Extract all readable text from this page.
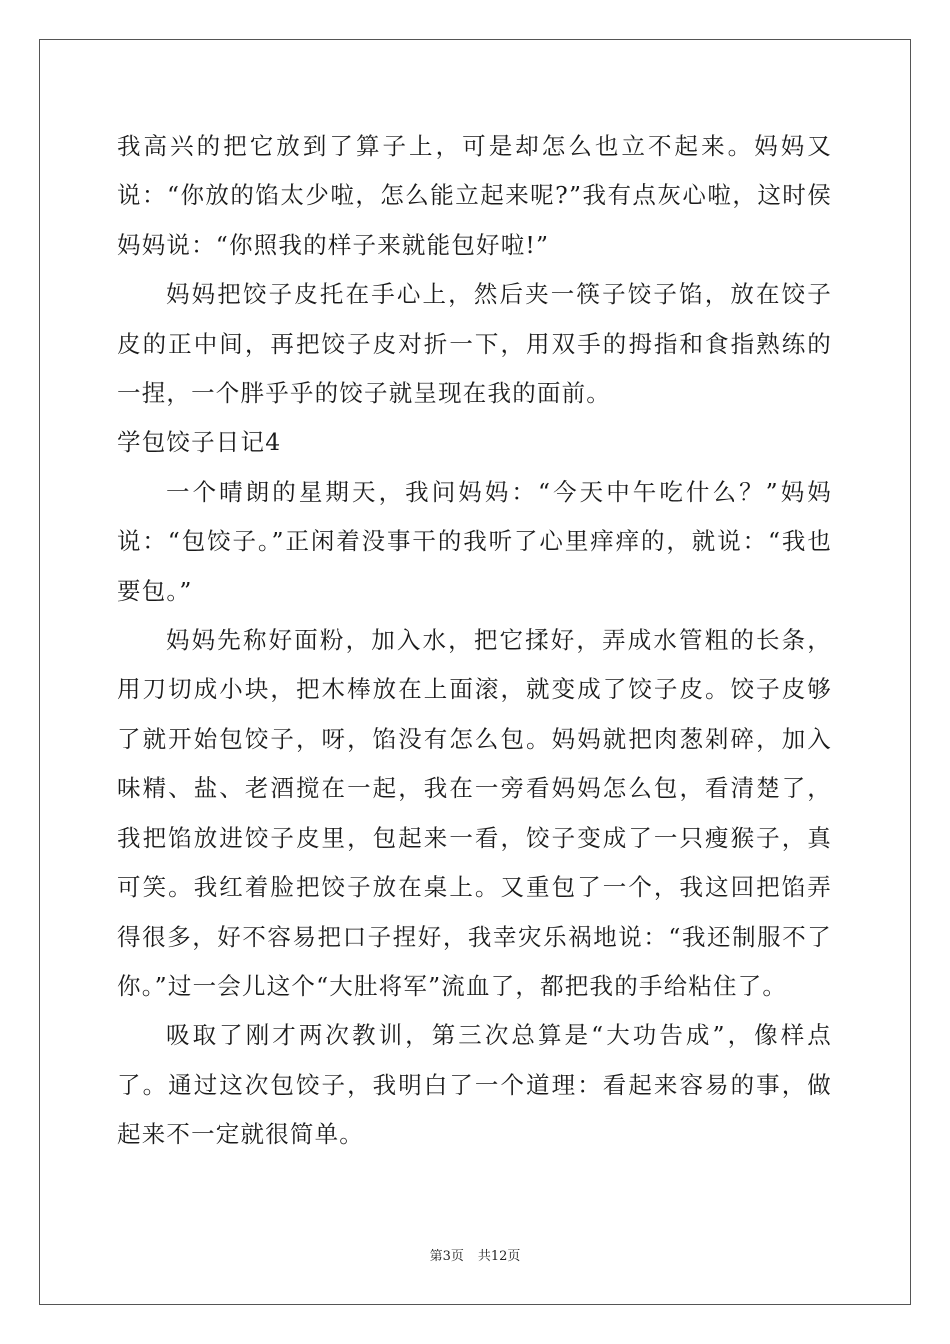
我高兴的把它放到了算子上，可是却怎么也立不起来。妈妈又说：“你放的馅太少啦，怎么能立起来呢?”我有点灰心啦，这时侯妈妈说：“你照我的样子来就能包好啦!”

妈妈把饺子皮托在手心上，然后夹一筷子饺子馅，放在饺子皮的正中间，再把饺子皮对折一下，用双手的拇指和食指熟练的一捏，一个胖乎乎的饺子就呈现在我的面前。

学包饺子日记4

一个晴朗的星期天，我问妈妈：“今天中午吃什么？”妈妈说：“包饺子。”正闲着没事干的我听了心里痒痒的，就说：“我也要包。”

妈妈先称好面粉，加入水，把它揉好，弄成水管粗的长条，用刀切成小块，把木棒放在上面滚，就变成了饺子皮。饺子皮够了就开始包饺子，呀，馅没有怎么包。妈妈就把肉葱剁碎，加入味精、盐、老酒搅在一起，我在一旁看妈妈怎么包，看清楚了，我把馅放进饺子皮里，包起来一看，饺子变成了一只瘦猴子，真可笑。我红着脸把饺子放在桌上。又重包了一个，我这回把馅弄得很多，好不容易把口子捏好，我幸灾乐祸地说：“我还制服不了你。”过一会儿这个“大肚将军”流血了，都把我的手给粘住了。

吸取了刚才两次教训，第三次总算是“大功告成”，像样点了。通过这次包饺子，我明白了一个道理：看起来容易的事，做起来不一定就很简单。

第3页 共12页
